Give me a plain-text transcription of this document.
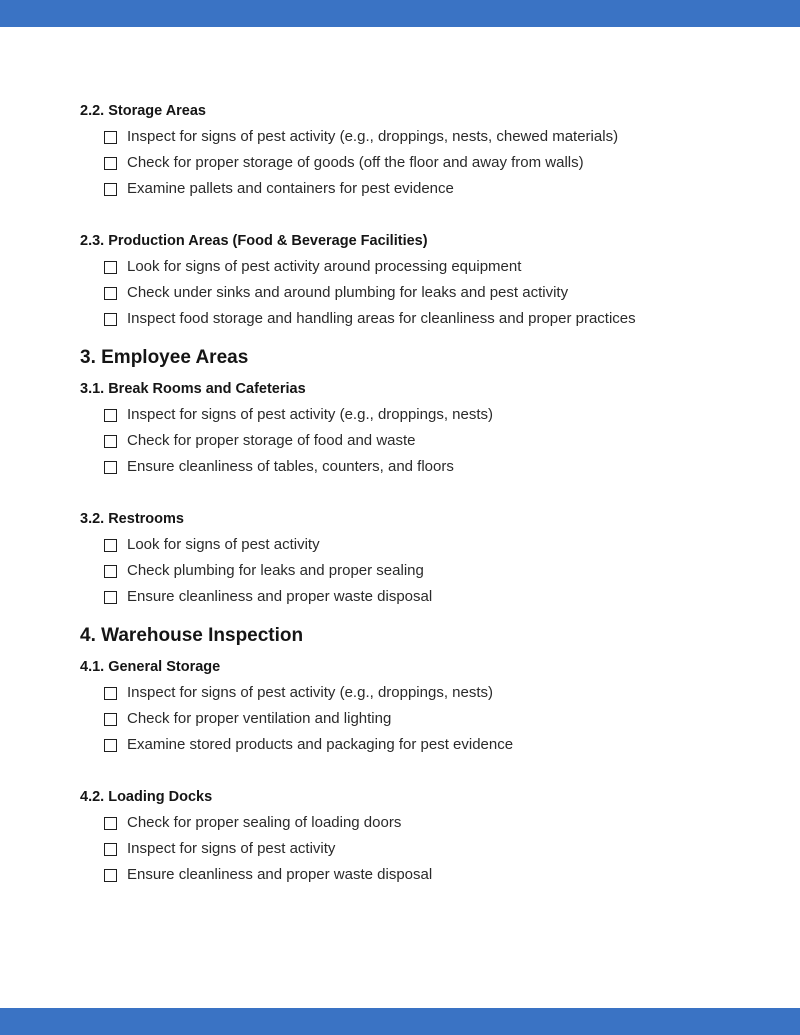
2.2. Storage Areas
Inspect for signs of pest activity (e.g., droppings, nests, chewed materials)
Check for proper storage of goods (off the floor and away from walls)
Examine pallets and containers for pest evidence
2.3. Production Areas (Food & Beverage Facilities)
Look for signs of pest activity around processing equipment
Check under sinks and around plumbing for leaks and pest activity
Inspect food storage and handling areas for cleanliness and proper practices
3. Employee Areas
3.1. Break Rooms and Cafeterias
Inspect for signs of pest activity (e.g., droppings, nests)
Check for proper storage of food and waste
Ensure cleanliness of tables, counters, and floors
3.2. Restrooms
Look for signs of pest activity
Check plumbing for leaks and proper sealing
Ensure cleanliness and proper waste disposal
4. Warehouse Inspection
4.1. General Storage
Inspect for signs of pest activity (e.g., droppings, nests)
Check for proper ventilation and lighting
Examine stored products and packaging for pest evidence
4.2. Loading Docks
Check for proper sealing of loading doors
Inspect for signs of pest activity
Ensure cleanliness and proper waste disposal
